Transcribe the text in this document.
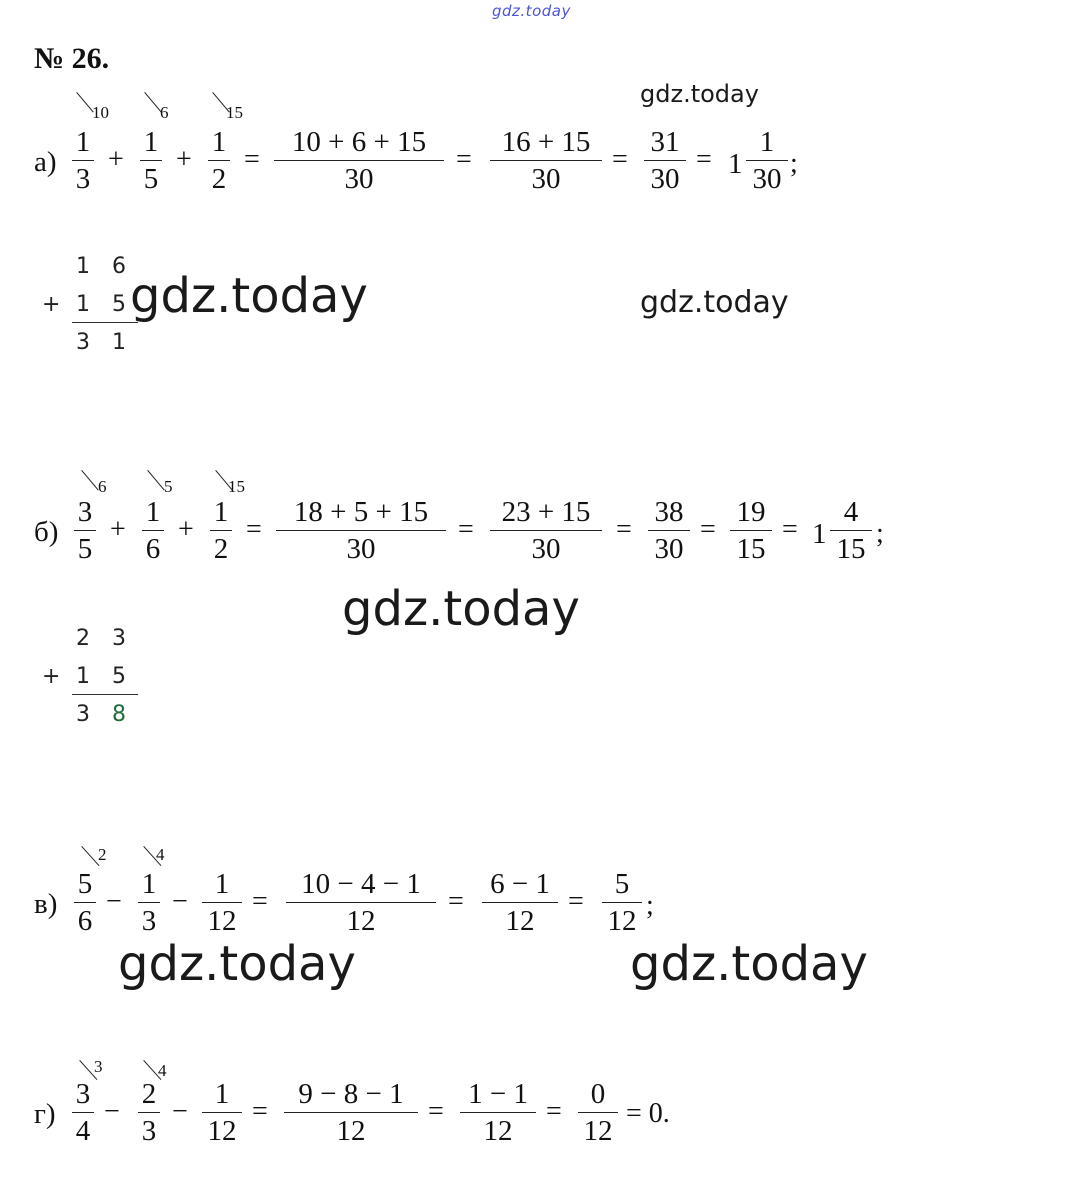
gdz.today
gdz.today
gdz.today	gdz.today
gdz.today
gdz.today	gdz.today
№ 26.
а)
1
3
10
+
1
5
6
+
1
2
15
=
10 + 6 + 15
30
=
16 + 15
30
=
31
30
= 1
1
30 ;
1 6
+ 1 5
3 1
б)
3
5
6
+
1
6
5
+
1
2
15
=
18 + 5 + 15
30
=
23 + 15
30
=
38
30
=
19
15
= 1
4
15 ;
2 3
+ 1 5
3 8
в)
5
6
2
−
1
3
4
−
1
12
=
10 − 4 − 1
12
=
6 − 1
12
=
5
12 ;
г)
3
4
3
−
2
3
4
−
1
12
=
9 − 8 − 1
12
=
1 − 1
12
=
0
12
= 0.
